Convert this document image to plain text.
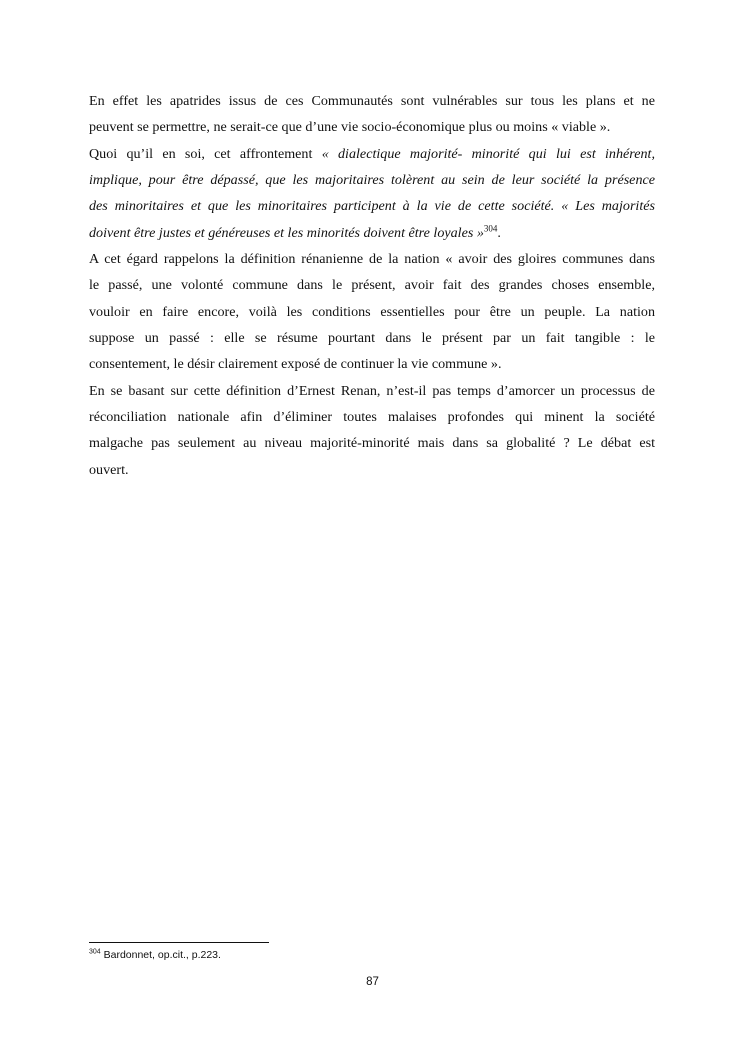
En effet les apatrides issus de ces Communautés sont vulnérables sur tous les plans et ne
peuvent se permettre, ne serait-ce que d’une vie socio-économique plus ou moins « viable ».

Quoi qu’il en soi, cet affrontement « dialectique majorité- minorité qui lui est inhérent,
implique, pour être dépassé, que les majoritaires tolèrent au sein de leur société la présence
des minoritaires et que les minoritaires participent à la vie de cette société. « Les majorités
doivent être justes et généreuses et les minorités doivent être loyales »$^{304}$.

A cet égard rappelons la définition rénanienne de la nation « avoir des gloires communes dans
le passé, une volonté commune dans le présent, avoir fait des grandes choses ensemble,
vouloir en faire encore, voilà les conditions essentielles pour être un peuple. La nation
suppose un passé : elle se résume pourtant dans le présent par un fait tangible : le
consentement, le désir clairement exposé de continuer la vie commune ».

En se basant sur cette définition d’Ernest Renan, n’est-il pas temps d’amorcer un processus de
réconciliation nationale afin d’éliminer toutes malaises profondes qui minent la société
malgache pas seulement au niveau majorité-minorité mais dans sa globalité ? Le débat est
ouvert.

$^{304}$ Bardonnet, op.cit., p.223.
87
